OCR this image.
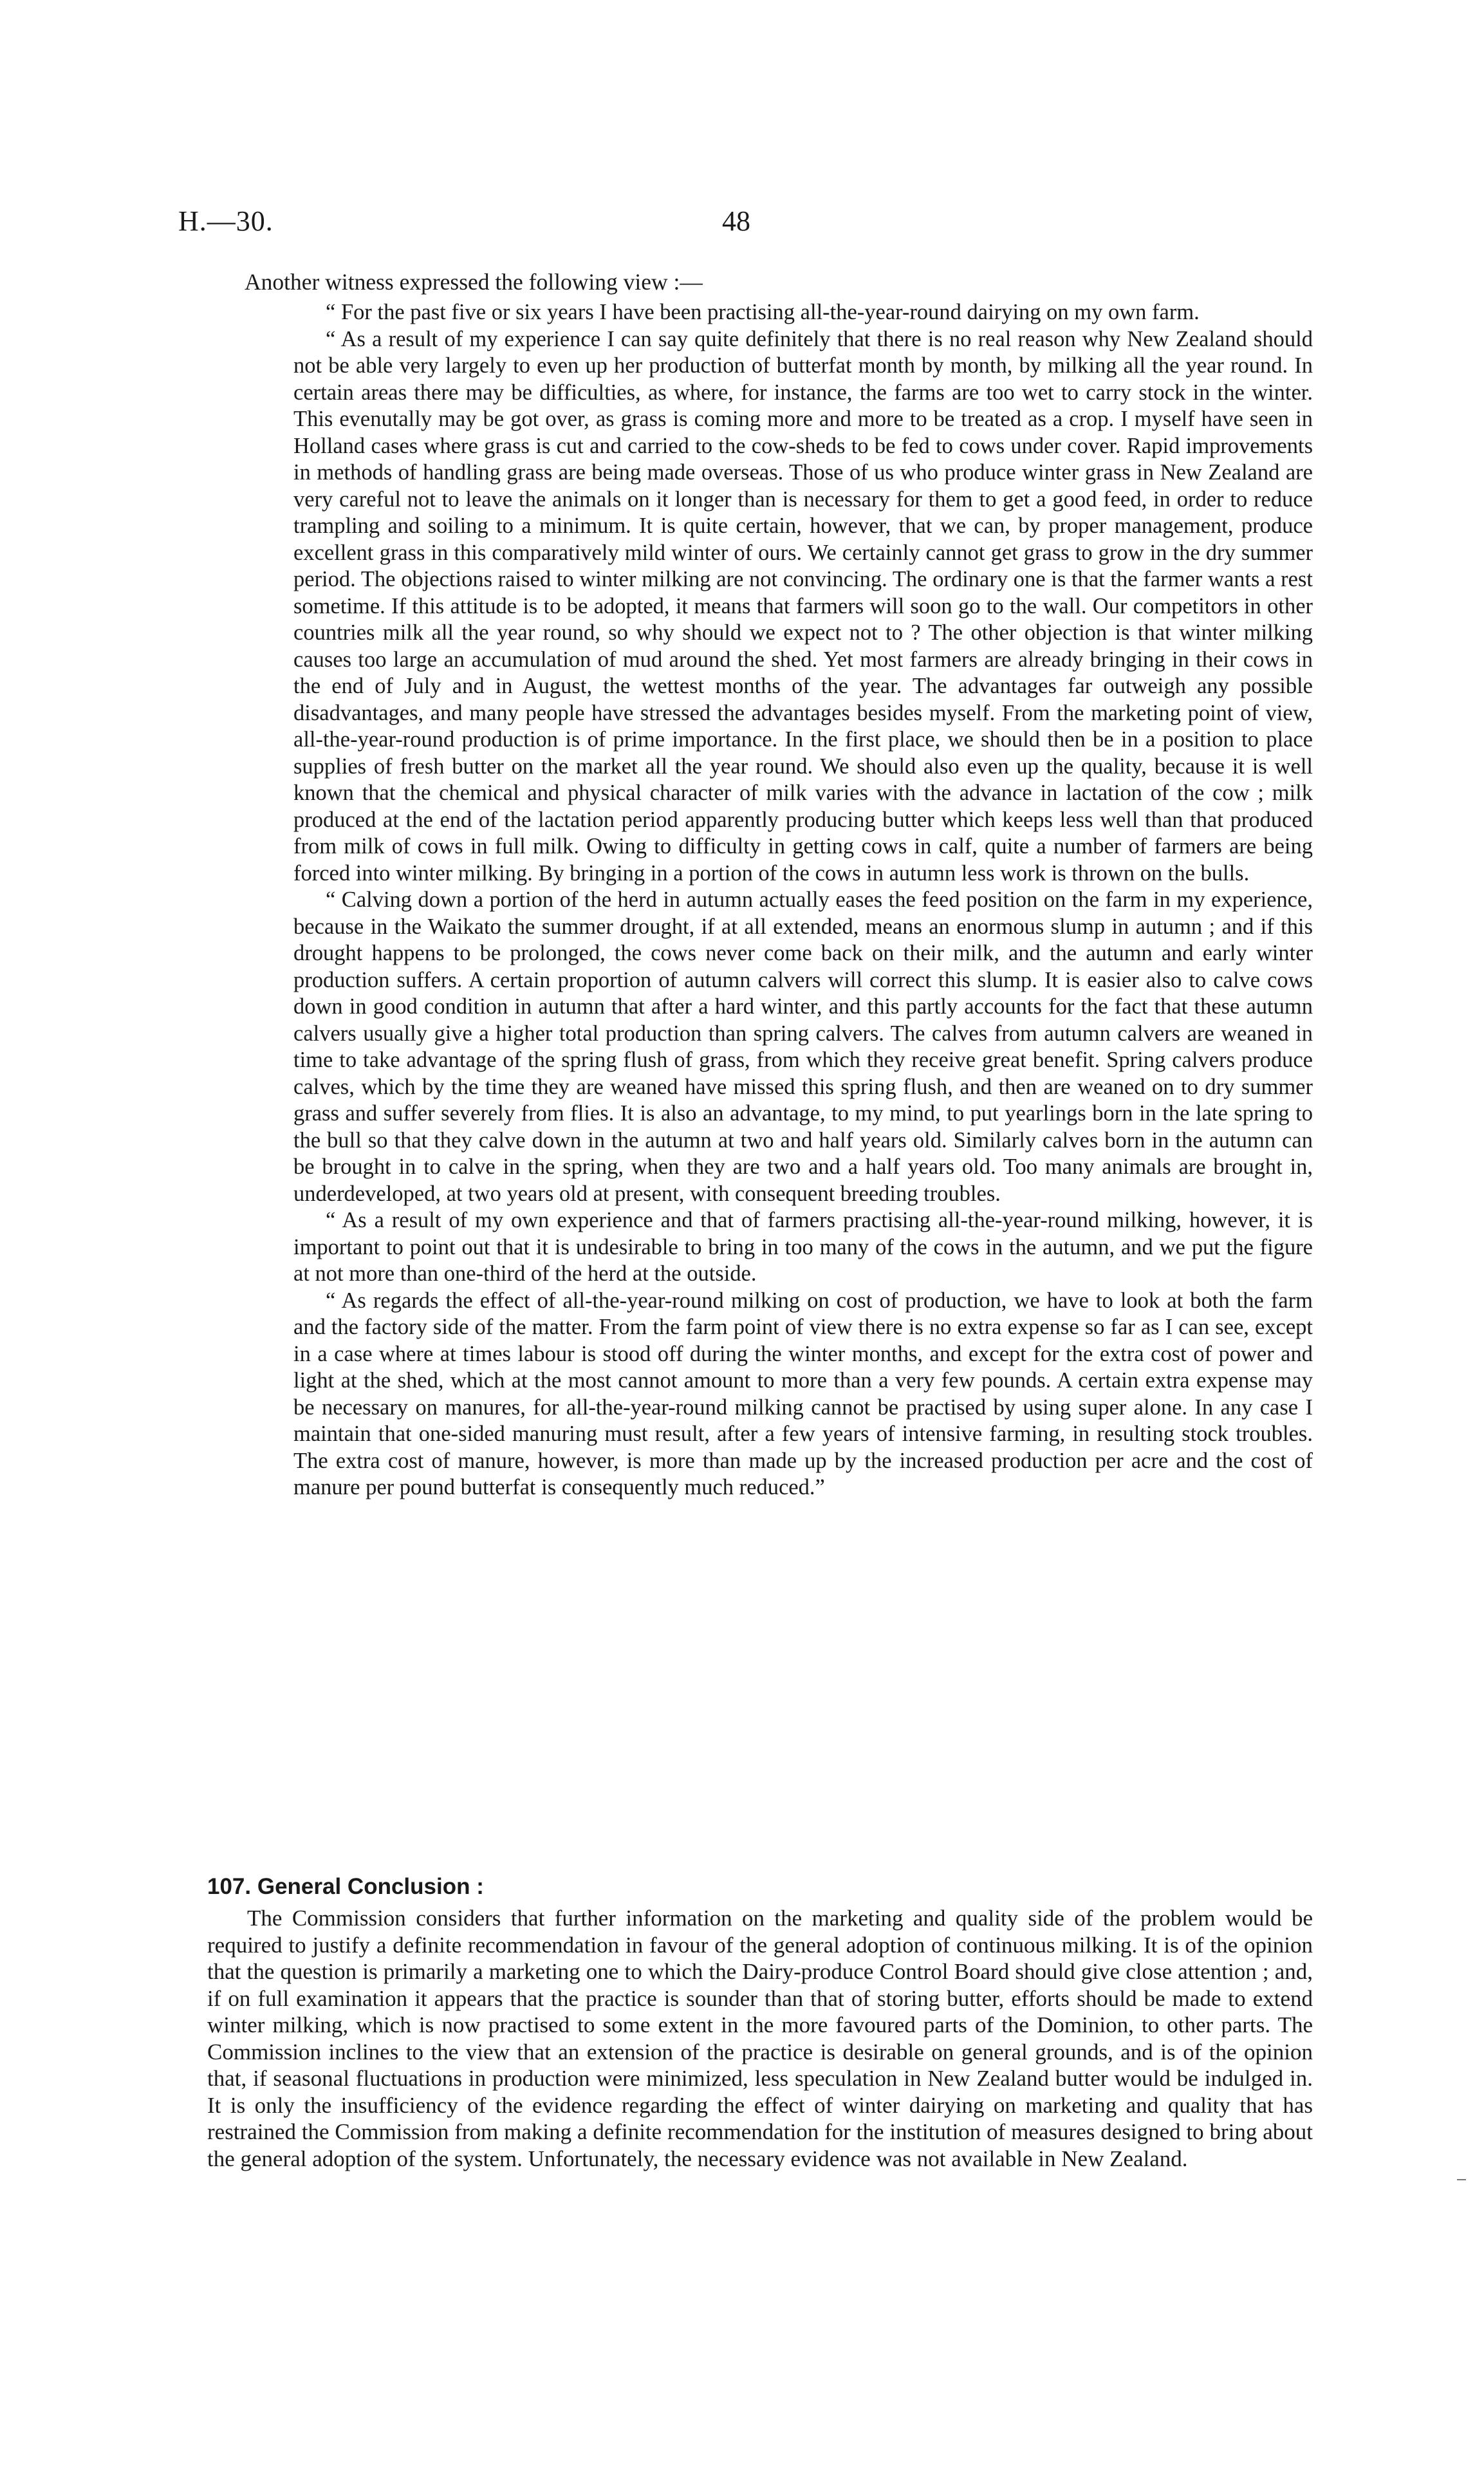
H.—30.	48

Another witness expressed the following view :—

“ For the past five or six years I have been practising all-the-year-round dairying on my own farm.

“ As a result of my experience I can say quite definitely that there is no real reason why New Zealand should not be able very largely to even up her production of butterfat month by month, by milking all the year round. In certain areas there may be difficulties, as where, for instance, the farms are too wet to carry stock in the winter. This evenutally may be got over, as grass is coming more and more to be treated as a crop. I myself have seen in Holland cases where grass is cut and carried to the cow-sheds to be fed to cows under cover. Rapid improvements in methods of handling grass are being made overseas. Those of us who produce winter grass in New Zealand are very careful not to leave the animals on it longer than is necessary for them to get a good feed, in order to reduce trampling and soiling to a minimum. It is quite certain, however, that we can, by proper management, produce excellent grass in this comparatively mild winter of ours. We certainly cannot get grass to grow in the dry summer period. The objections raised to winter milking are not convincing. The ordinary one is that the farmer wants a rest sometime. If this attitude is to be adopted, it means that farmers will soon go to the wall. Our competitors in other countries milk all the year round, so why should we expect not to ? The other objection is that winter milking causes too large an accumulation of mud around the shed. Yet most farmers are already bringing in their cows in the end of July and in August, the wettest months of the year. The advantages far outweigh any possible disadvantages, and many people have stressed the advantages besides myself. From the marketing point of view, all-the-year-round production is of prime importance. In the first place, we should then be in a position to place supplies of fresh butter on the market all the year round. We should also even up the quality, because it is well known that the chemical and physical character of milk varies with the advance in lactation of the cow ; milk produced at the end of the lactation period apparently producing butter which keeps less well than that produced from milk of cows in full milk. Owing to difficulty in getting cows in calf, quite a number of farmers are being forced into winter milking. By bringing in a portion of the cows in autumn less work is thrown on the bulls.

“ Calving down a portion of the herd in autumn actually eases the feed position on the farm in my experience, because in the Waikato the summer drought, if at all extended, means an enormous slump in autumn ; and if this drought happens to be prolonged, the cows never come back on their milk, and the autumn and early winter production suffers. A certain proportion of autumn calvers will correct this slump. It is easier also to calve cows down in good condition in autumn that after a hard winter, and this partly accounts for the fact that these autumn calvers usually give a higher total production than spring calvers. The calves from autumn calvers are weaned in time to take advantage of the spring flush of grass, from which they receive great benefit. Spring calvers produce calves, which by the time they are weaned have missed this spring flush, and then are weaned on to dry summer grass and suffer severely from flies. It is also an advantage, to my mind, to put yearlings born in the late spring to the bull so that they calve down in the autumn at two and half years old. Similarly calves born in the autumn can be brought in to calve in the spring, when they are two and a half years old. Too many animals are brought in, underdeveloped, at two years old at present, with consequent breeding troubles.

“ As a result of my own experience and that of farmers practising all-the-year-round milking, however, it is important to point out that it is undesirable to bring in too many of the cows in the autumn, and we put the figure at not more than one-third of the herd at the outside.

“ As regards the effect of all-the-year-round milking on cost of production, we have to look at both the farm and the factory side of the matter. From the farm point of view there is no extra expense so far as I can see, except in a case where at times labour is stood off during the winter months, and except for the extra cost of power and light at the shed, which at the most cannot amount to more than a very few pounds. A certain extra expense may be necessary on manures, for all-the-year-round milking cannot be practised by using super alone. In any case I maintain that one-sided manuring must result, after a few years of intensive farming, in resulting stock troubles. The extra cost of manure, however, is more than made up by the increased production per acre and the cost of manure per pound butterfat is consequently much reduced.”

107. General Conclusion :

The Commission considers that further information on the marketing and quality side of the problem would be required to justify a definite recommendation in favour of the general adoption of continuous milking. It is of the opinion that the question is primarily a marketing one to which the Dairy-produce Control Board should give close attention ; and, if on full examination it appears that the practice is sounder than that of storing butter, efforts should be made to extend winter milking, which is now practised to some extent in the more favoured parts of the Dominion, to other parts. The Commission inclines to the view that an extension of the practice is desirable on general grounds, and is of the opinion that, if seasonal fluctuations in production were minimized, less speculation in New Zealand butter would be indulged in. It is only the insufficiency of the evidence regarding the effect of winter dairying on marketing and quality that has restrained the Commission from making a definite recommendation for the institution of measures designed to bring about the general adoption of the system. Unfortunately, the necessary evidence was not available in New Zealand.
